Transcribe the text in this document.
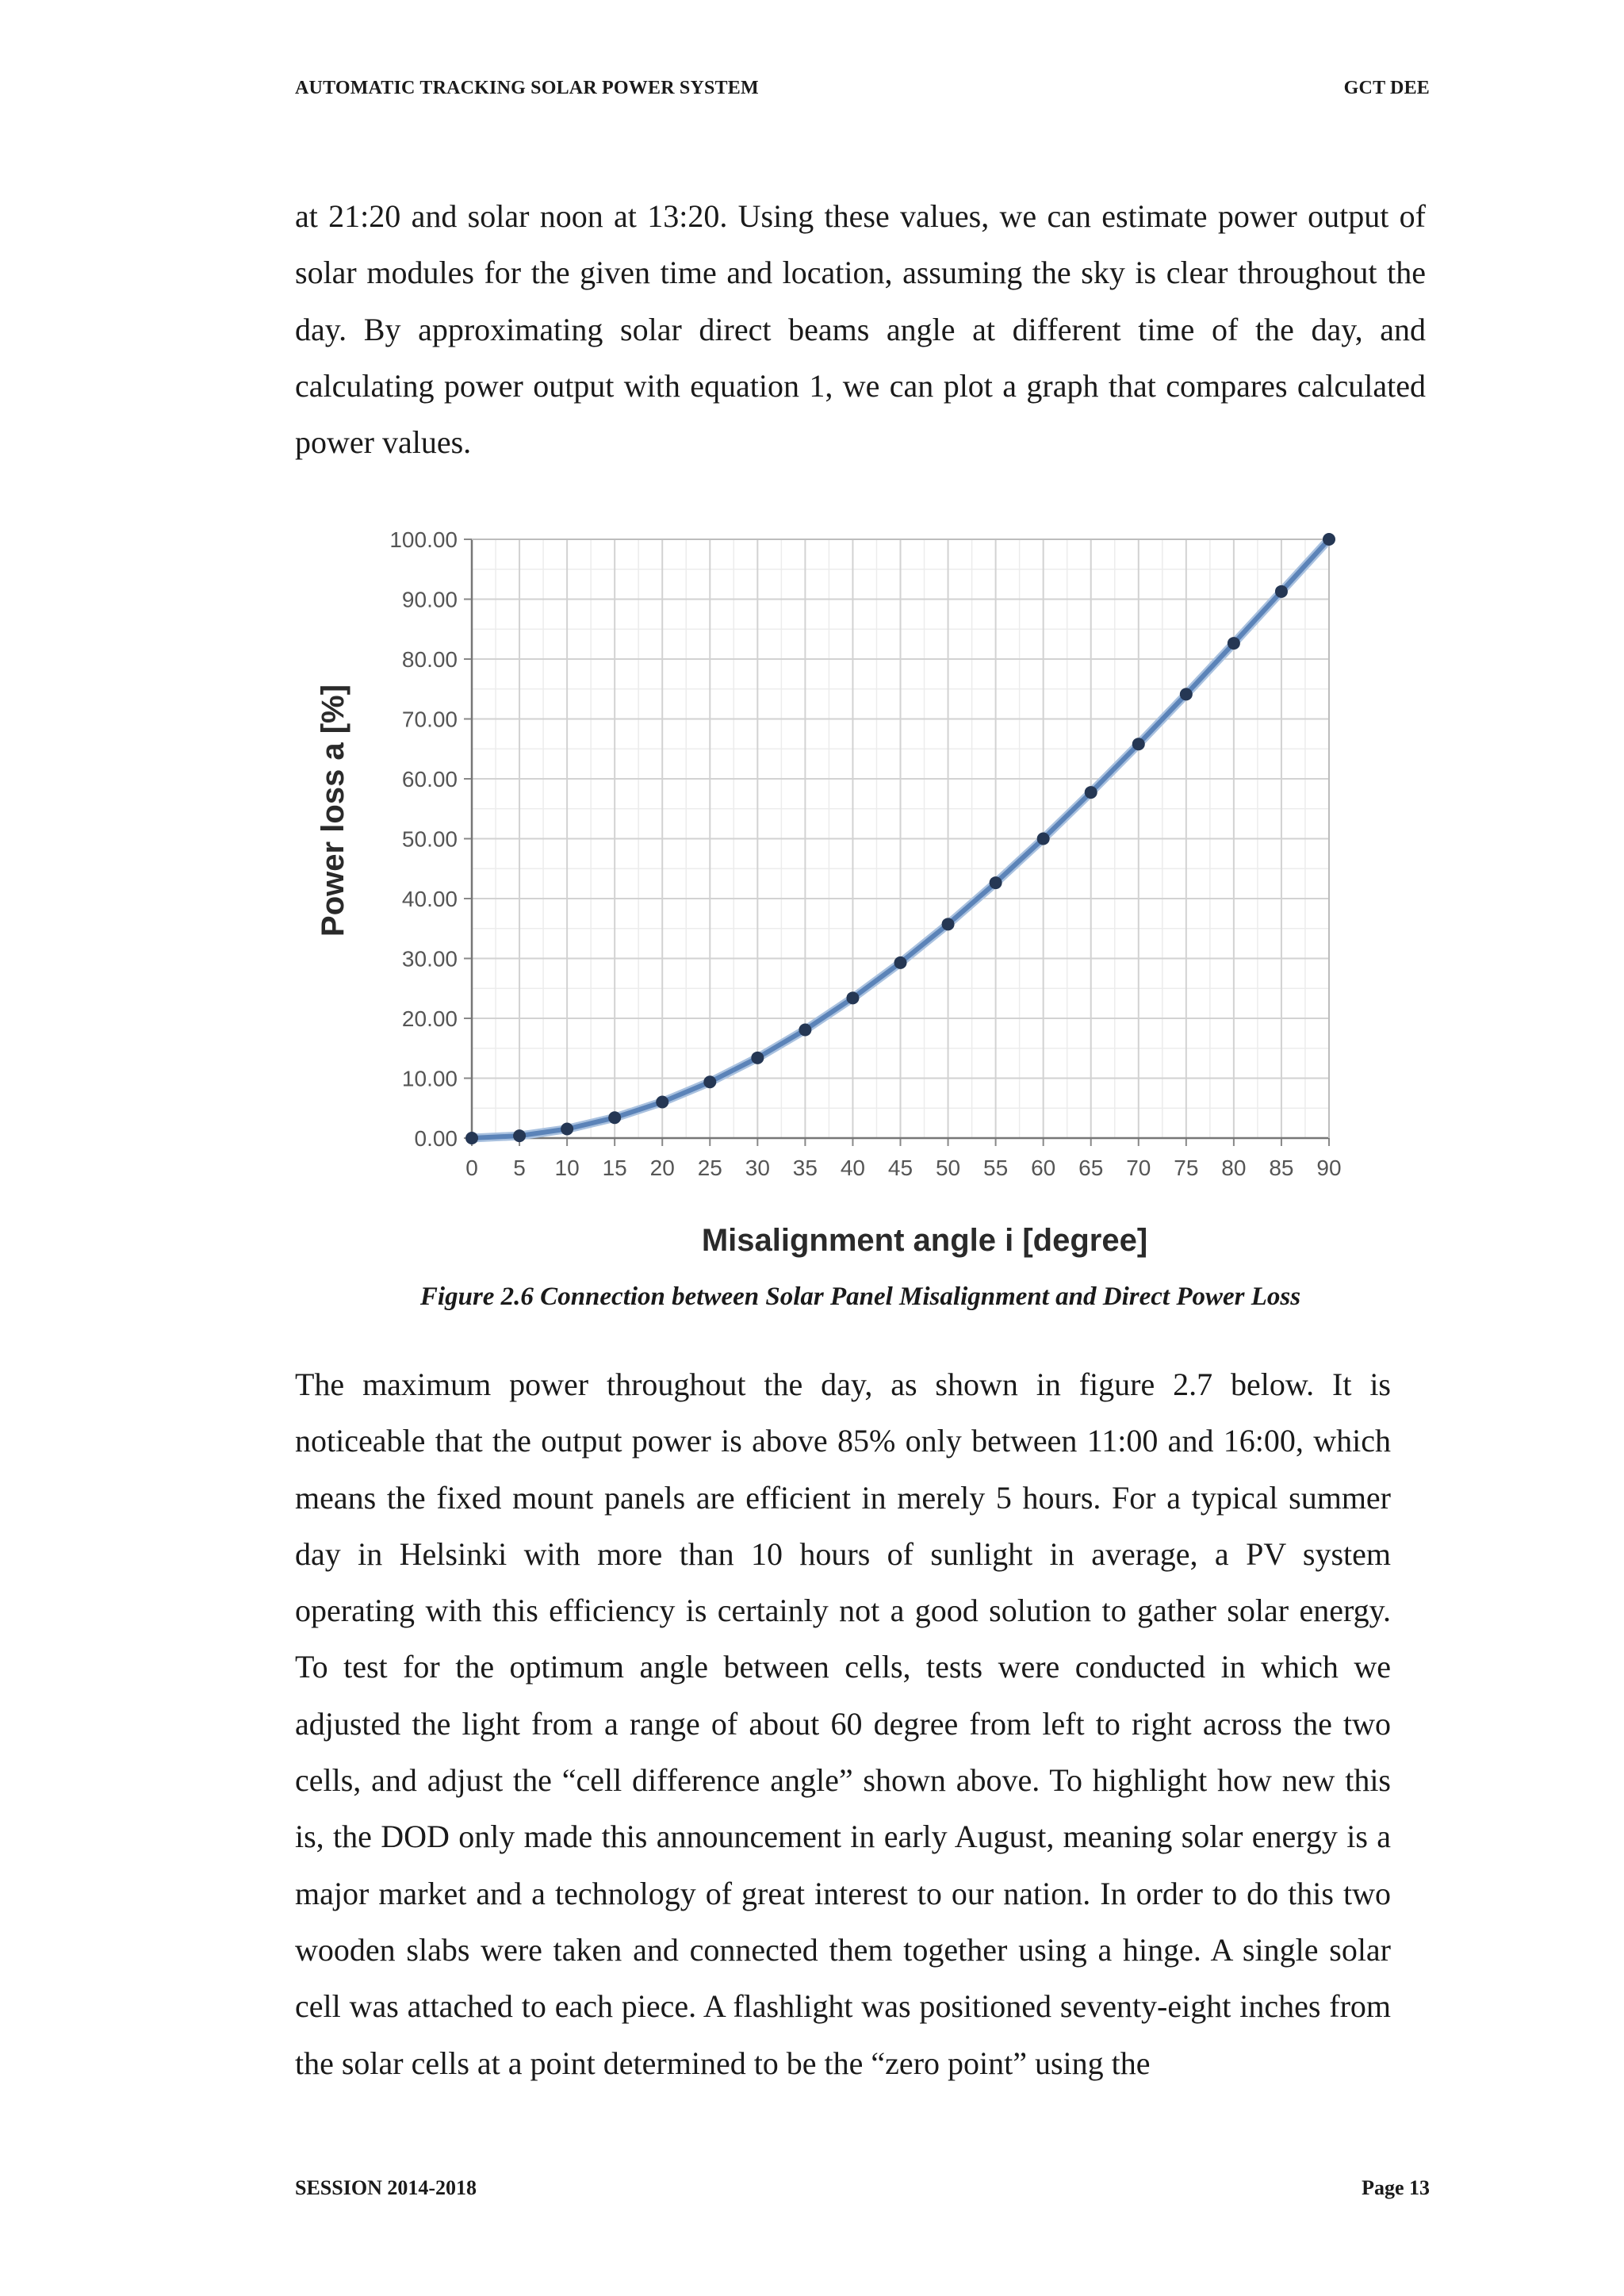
AUTOMATIC TRACKING SOLAR POWER SYSTEM	GCT DEE

at 21:20 and solar noon at 13:20. Using these values, we can estimate power output of solar modules for the given time and location, assuming the sky is clear throughout the day. By approximating solar direct beams angle at different time of the day, and calculating power output with equation 1, we can plot a graph that compares calculated power values.

0 5 10 15 20 25 30 35 40 45 50 55 60 65 70 75 80 85 90
0.00
10.00
20.00
30.00
40.00
50.00
60.00
70.00
80.00
90.00
100.00
Misalignment angle i [degree]
Power loss a [%]
Figure 2.6 Connection between Solar Panel Misalignment and Direct Power Loss

The maximum power throughout the day, as shown in figure 2.7 below. It is noticeable that the output power is above 85% only between 11:00 and 16:00, which means the fixed mount panels are efficient in merely 5 hours. For a typical summer day in Helsinki with more than 10 hours of sunlight in average, a PV system operating with this efficiency is certainly not a good solution to gather solar energy. To test for the optimum angle between cells, tests were conducted in which we adjusted the light from a range of about 60 degree from left to right across the two cells, and adjust the “cell difference angle” shown above. To highlight how new this is, the DOD only made this announcement in early August, meaning solar energy is a major market and a technology of great interest to our nation. In order to do this two wooden slabs were taken and connected them together using a hinge. A single solar cell was attached to each piece. A flashlight was positioned seventy-eight inches from the solar cells at a point determined to be the “zero point” using the

SESSION 2014-2018	Page 13
